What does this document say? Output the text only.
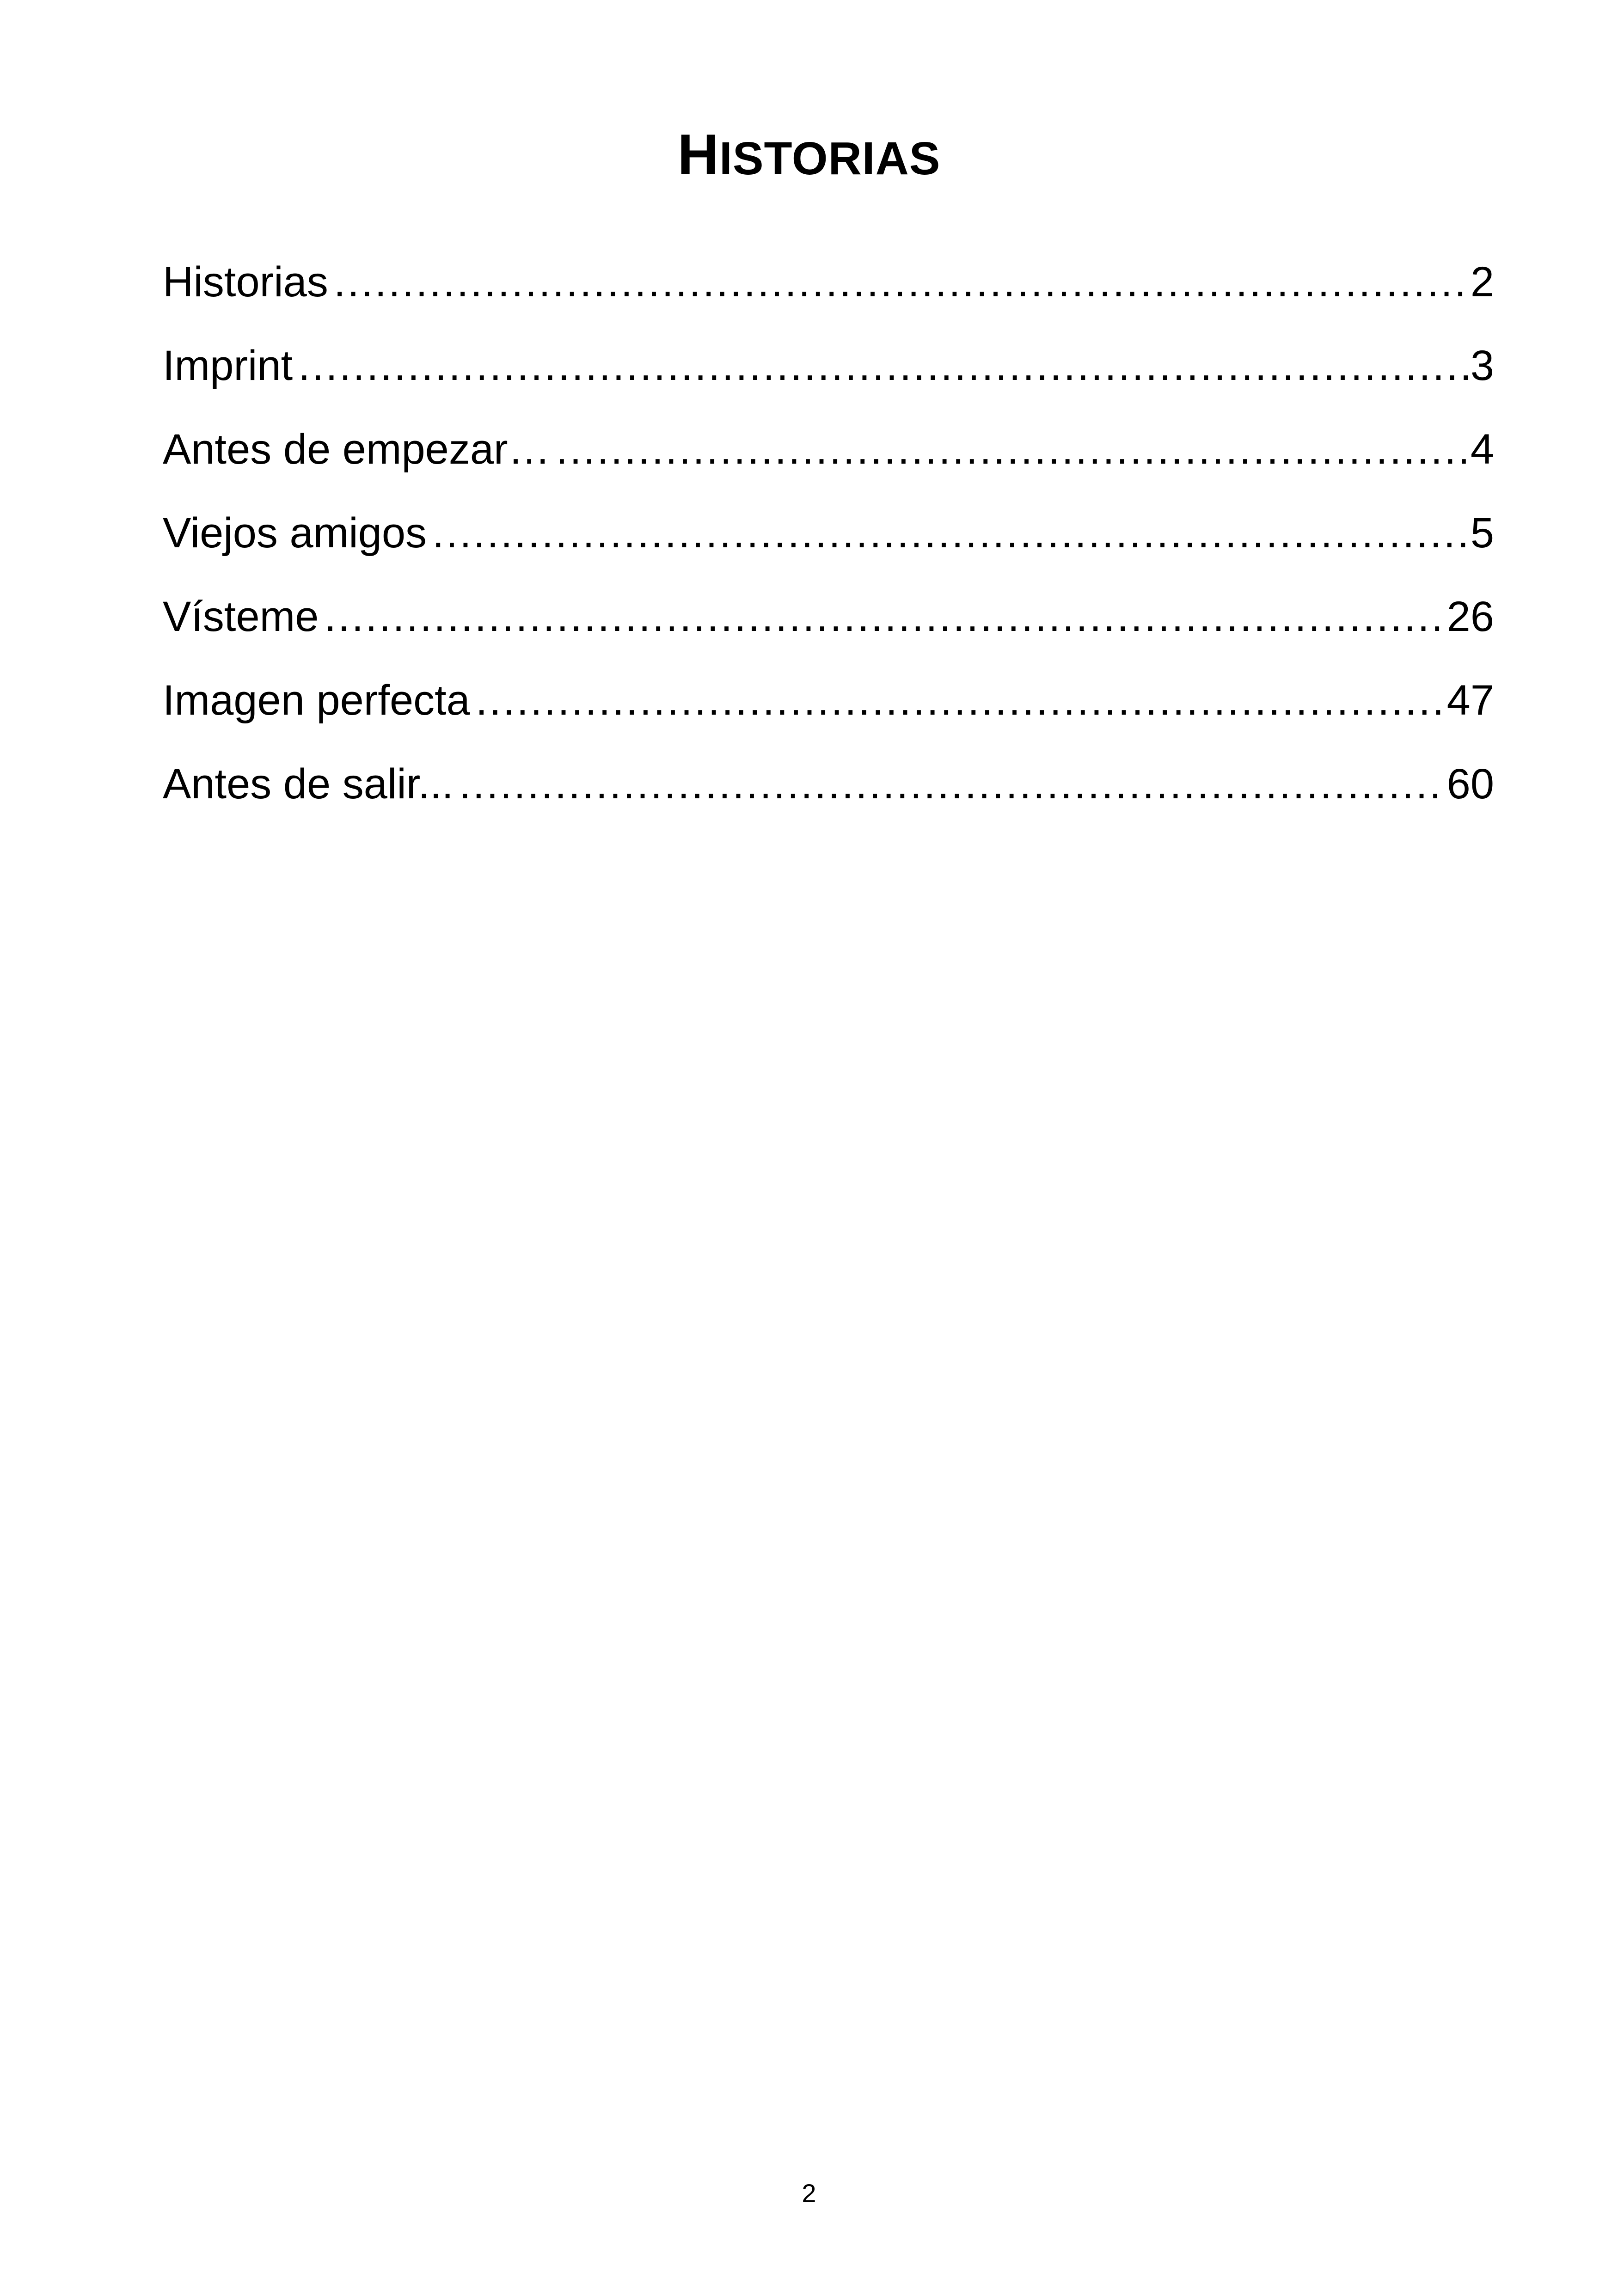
HISTORIAS
Historias .....	2
Imprint .....	3
Antes de empezar… .....	4
Viejos amigos .....	5
Vísteme .....	26
Imagen perfecta .....	47
Antes de salir... .....	60
2
